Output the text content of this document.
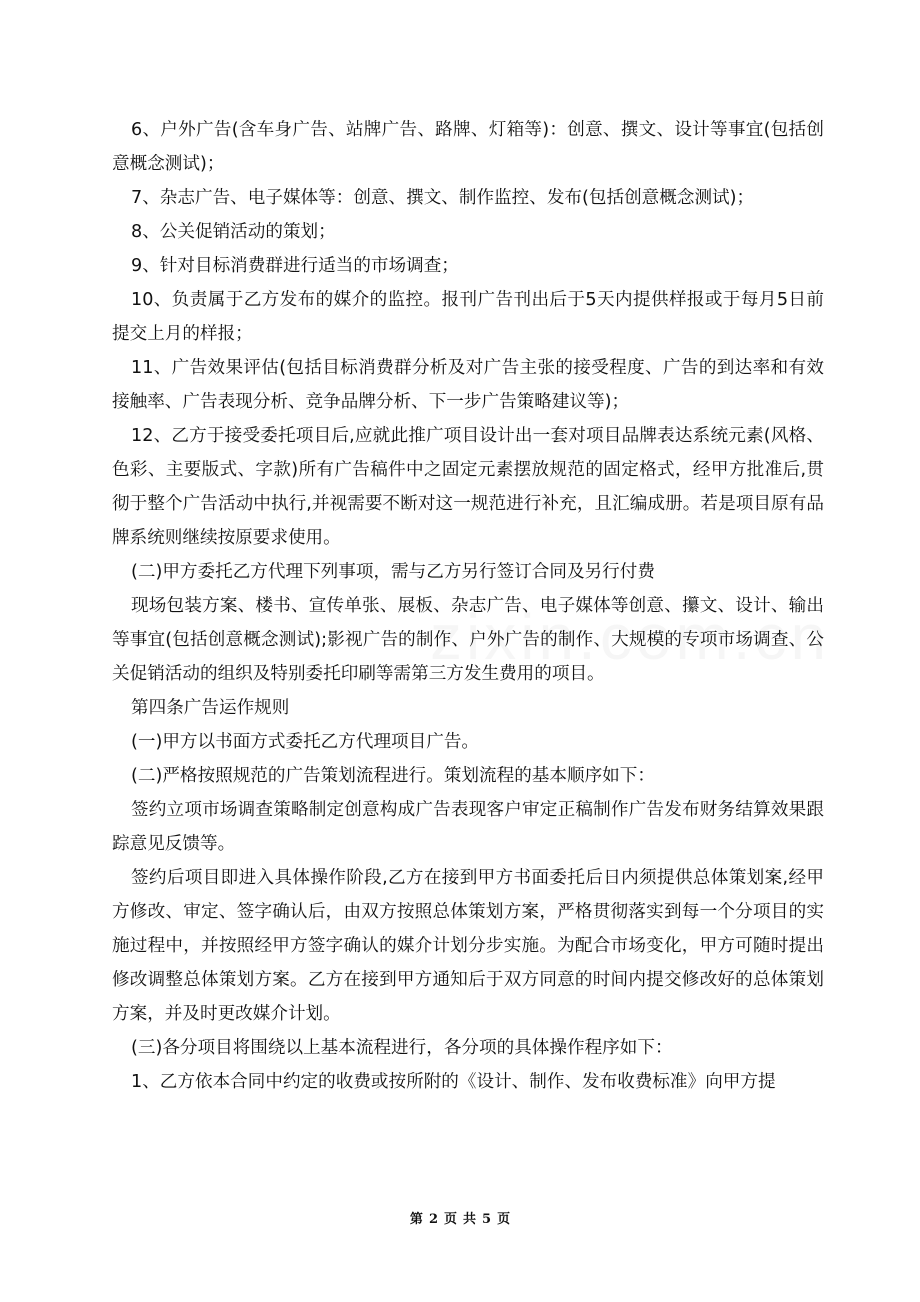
6、户外广告(含车身广告、站牌广告、路牌、灯箱等)：创意、撰文、设计等事宜(包括创意概念测试)；

7、杂志广告、电子媒体等：创意、撰文、制作监控、发布(包括创意概念测试)；

8、公关促销活动的策划；

9、针对目标消费群进行适当的市场调查；

10、负责属于乙方发布的媒介的监控。报刊广告刊出后于5天内提供样报或于每月5日前提交上月的样报；

11、广告效果评估(包括目标消费群分析及对广告主张的接受程度、广告的到达率和有效接触率、广告表现分析、竞争品牌分析、下一步广告策略建议等)；

12、乙方于接受委托项目后,应就此推广项目设计出一套对项目品牌表达系统元素(风格、色彩、主要版式、字款)所有广告稿件中之固定元素摆放规范的固定格式，经甲方批准后,贯彻于整个广告活动中执行,并视需要不断对这一规范进行补充，且汇编成册。若是项目原有品牌系统则继续按原要求使用。

(二)甲方委托乙方代理下列事项，需与乙方另行签订合同及另行付费

现场包装方案、楼书、宣传单张、展板、杂志广告、电子媒体等创意、攥文、设计、输出等事宜(包括创意概念测试);影视广告的制作、户外广告的制作、大规模的专项市场调查、公关促销活动的组织及特别委托印刷等需第三方发生费用的项目。

第四条广告运作规则

(一)甲方以书面方式委托乙方代理项目广告。

(二)严格按照规范的广告策划流程进行。策划流程的基本顺序如下：

签约立项市场调查策略制定创意构成广告表现客户审定正稿制作广告发布财务结算效果跟踪意见反馈等。

签约后项目即进入具体操作阶段,乙方在接到甲方书面委托后日内须提供总体策划案,经甲方修改、审定、签字确认后，由双方按照总体策划方案，严格贯彻落实到每一个分项目的实施过程中，并按照经甲方签字确认的媒介计划分步实施。为配合市场变化，甲方可随时提出修改调整总体策划方案。乙方在接到甲方通知后于双方同意的时间内提交修改好的总体策划方案，并及时更改媒介计划。

(三)各分项目将围绕以上基本流程进行，各分项的具体操作程序如下：

1、乙方依本合同中约定的收费或按所附的《设计、制作、发布收费标准》向甲方提

第 2 页 共 5 页
